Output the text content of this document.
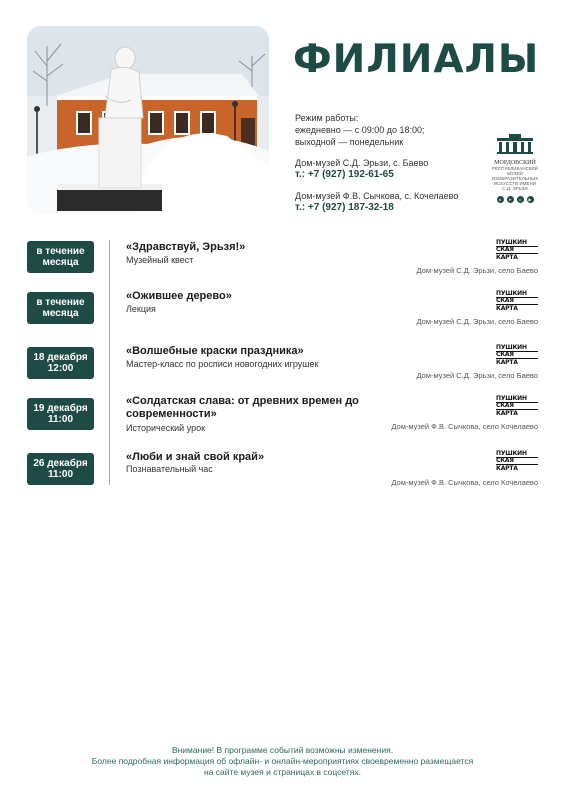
ФИЛИАЛЫ
Режим работы:
ежедневно — с 09:00 до 18:00;
выходной — понедельник
Дом-музей С.Д. Эрьзи, с. Баево
т.: +7 (927) 192-61-65
Дом-музей Ф.В. Сычкова, с. Кочелаево
т.: +7 (927) 187-32-18
МОРДОВСКИЙ
РЕСПУБЛИКАНСКИЙ МУЗЕЙ ИЗОБРАЗИТЕЛЬНЫХ ИСКУССТВ ИМЕНИ С.Д. ЭРЬЗИ
в	➤	о	▶
в течение
месяца
«Здравствуй, Эрьзя!»
Музейный квест
Дом-музей С.Д. Эрьзи, село Баево
ПУШКИН
СКАЯ
КАРТА
в течение
месяца
«Ожившее дерево»
Лекция
Дом-музей С.Д. Эрьзи, село Баево
ПУШКИН
СКАЯ
КАРТА
18 декабря
12:00
«Волшебные краски праздника»
Мастер-класс по росписи новогодних игрушек
Дом-музей С.Д. Эрьзи, село Баево
ПУШКИН
СКАЯ
КАРТА
19 декабря
11:00
«Солдатская слава: от древних времен до современности»
Исторический урок	Дом-музей Ф.В. Сычкова, село Кочелаево
ПУШКИН
СКАЯ
КАРТА
26 декабря
11:00
«Люби и знай свой край»
Познавательный час
Дом-музей Ф.В. Сычкова, село Кочелаево
ПУШКИН
СКАЯ
КАРТА
Внимание! В программе событий возможны изменения.
Более подробная информация об офлайн- и онлайн-мероприятиях своевременно размещается
на сайте музея и страницах в соцсетях.
